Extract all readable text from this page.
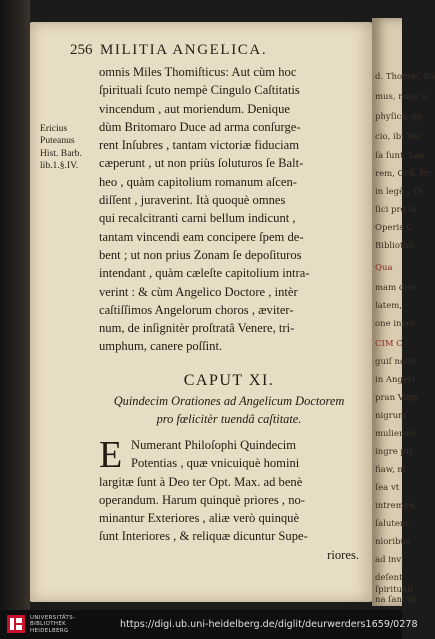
d. Thomæ, Da
mus, nunc a
phyſica, qu
cio, ibi Ver
ſa ſunt, Lan
rem, Ord. Pr
in legè , Th
ſici pro ſu
Operis C
Bibliothe
Qua
mam dice
latem,
one inver
CIM C
guiſ noſtr
in Angeri
pran Virgi
nigrum
mulierum
ingre pri
fiaw, m
ſea vt
intremen,
ſalutem,
nioribus
ad invi
deſent
ſpirituali
na ſanctiſ
256 MILITIA ANGELICA.
Ericius
Puteanus
Hist. Barb.
lib.1.§.IV.
omnis Miles Thomiſticus: Aut cùm hoc
ſpirituali ſcuto nempè Cingulo Caſtitatis
vincendum , aut moriendum. Denique
dùm Britomaro Duce ad arma conſurge-
rent Inſubres , tantam victoriæ fiduciam
cæperunt , ut non priùs ſoluturos ſe Balt-
heo , quàm capitolium romanum aſcen-
diſſent , juraverint. Ità quoquè omnes
qui recalcitranti carni bellum indicunt ,
tantam vincendi eam concipere ſpem de-
bent ; ut non prius Zonam ſe depoſituros
intendant , quàm cæleſte capitolium intra-
verint : & cùm Angelico Doctore , intèr
caſtiſſimos Angelorum choros , æviter-
num, de inſignitèr proſtratâ Venere, tri-
umphum, canere poſſint.
CAPUT XI.
Quindecim Orationes ad Angelicum Doctorem
pro fœlicitèr tuendâ caſtitate.
E Numerant Philoſophi Quindecim
Potentias , quæ vnicuiquè homini
largitæ ſunt à Deo ter Opt. Max. ad benè
operandum. Harum quinquè priores , no-
minantur Exteriores , aliæ verò quinquè
ſunt Interiores , & reliquæ dicuntur Supe-
riores.
UNIVERSITÄTS-
BIBLIOTHEK
HEIDELBERG
https://digi.ub.uni-heidelberg.de/diglit/deurwerders1659/0278
